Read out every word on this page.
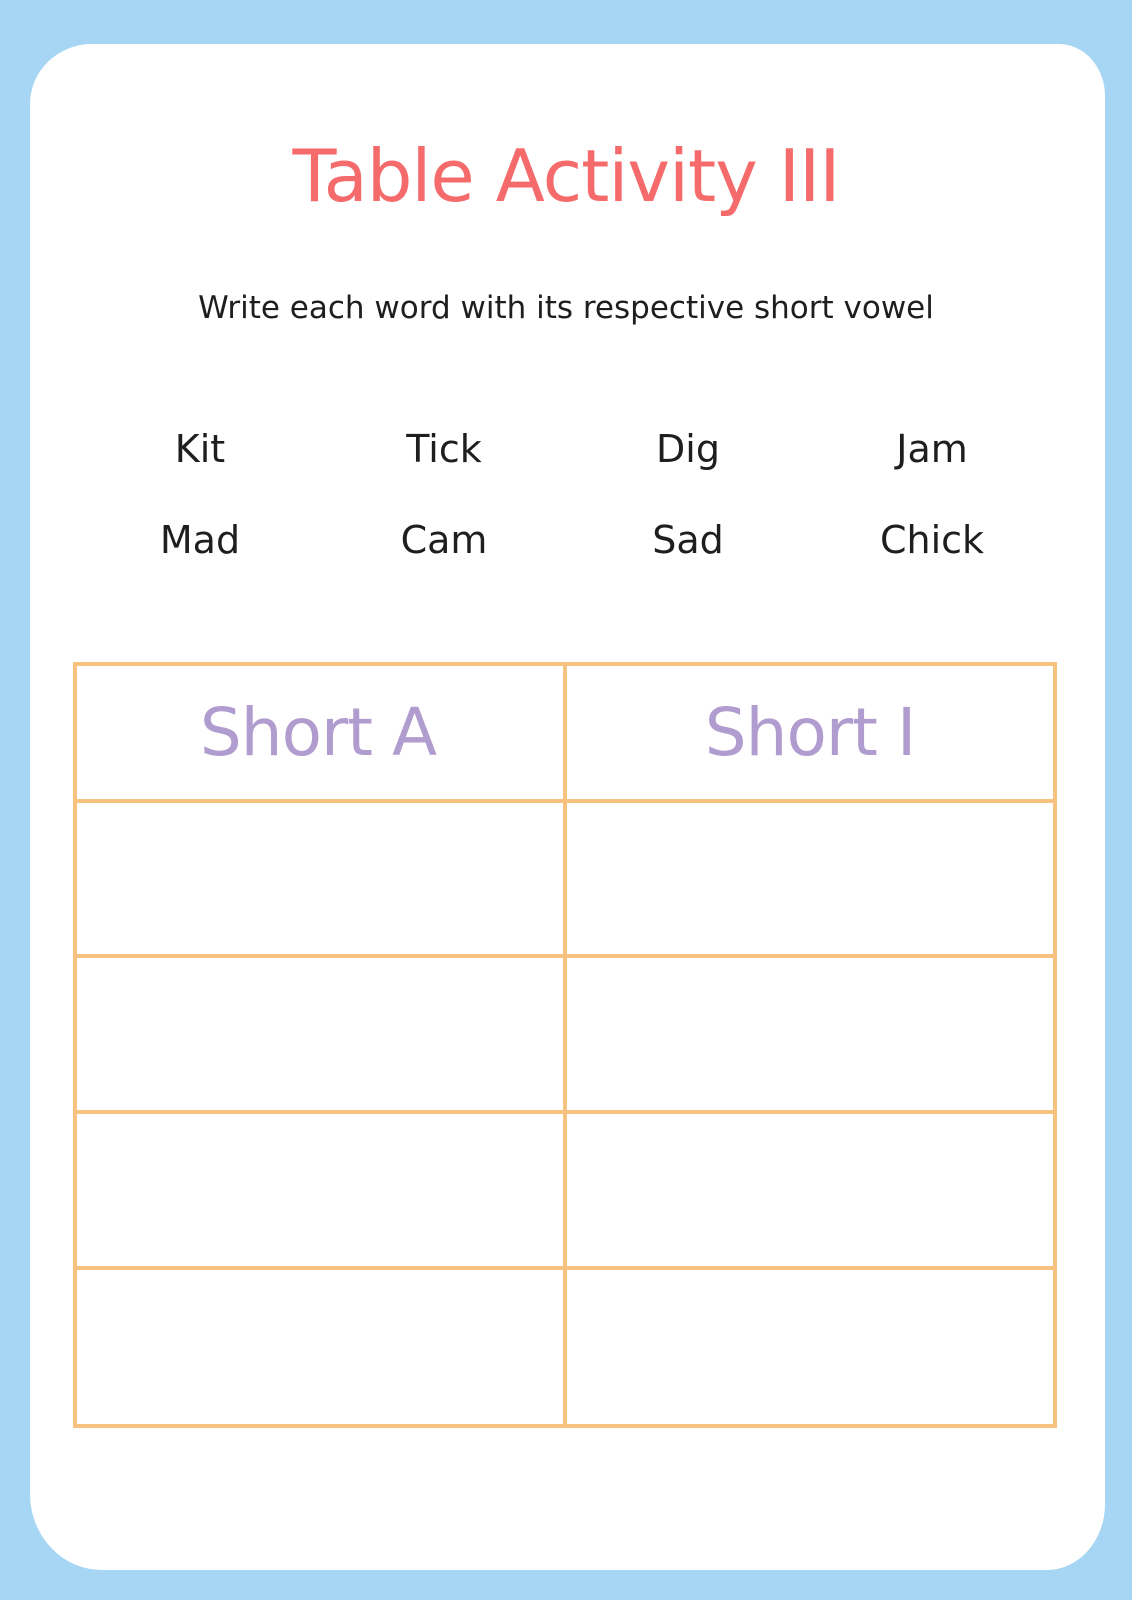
Table Activity III
Write each word with its respective short vowel
Kit	Tick	Dig	Jam
Mad	Cam	Sad	Chick
Short A	Short I
